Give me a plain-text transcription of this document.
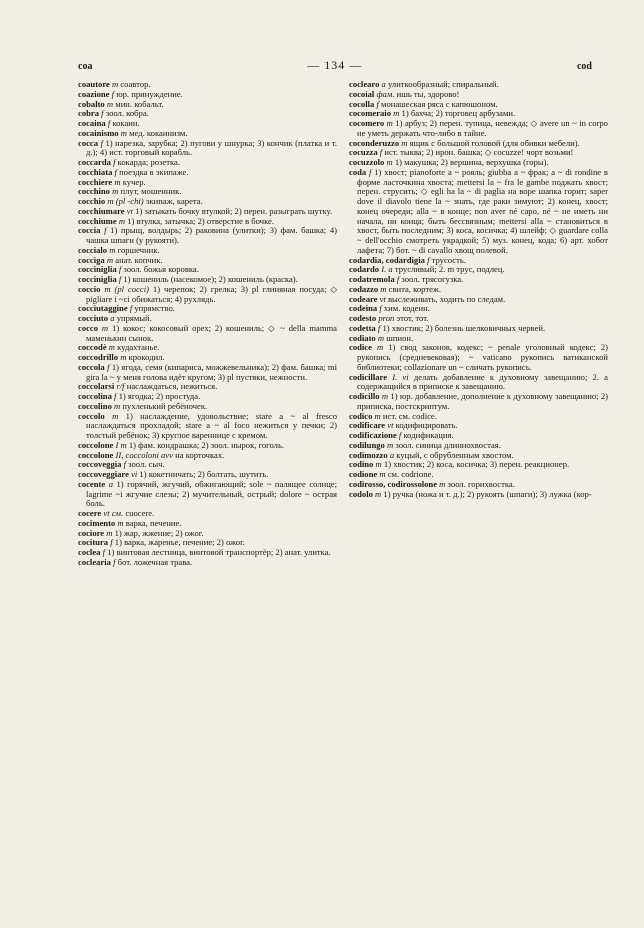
coa	— 134 —	cod

coautore m соавтор.

coazione f юр. принуждение.

cobalto m мин. кобальт.

cobra f зоол. кобра.

cocaina f кокаин.

cocainismo m мед. кокаинизм.

cocca f 1) нарезка, зарубка; 2) пугови у шнурка; 3) кончик (платка и т. д.); 4) ист. торговый корабль.

coccarda f кокарда; розетка.

cocchiata f поездка в экипаже.

cocchiere m кучер.

cocchino m плут, мошенник.

cocchio m (pl -chi) экипаж, карета.

cocchiumare vt 1) затыкать бочку втулкой; 2) перен. разыграть шутку.

cocchiume m 1) втулка, затычка; 2) отверстие в бочке.

coccia f 1) прыщ, волдырь; 2) раковина (улитки); 3) фам. башка; 4) чашка шпаги (у рукояти).

coccialo m горшечник.

cocciga m анат. копчик.

cocciniglia f зоол. божья коровка.

cocciniglia f 1) кошениль (насекомое); 2) кошениль (краска).

coccio m (pl cocci) 1) черепок; 2) грелка; 3) pl глиняная посуда; ◇ pigliare i ~ci обижаться; 4) рухлядь.

cocciutaggine f упрямство.

cocciuto a упрямый.

cocco m 1) кокос; кокосовый орех; 2) кошениль; ◇ ~ della mamma маменькин сынок.

coccodè m кудахтанье.

coccodrillo m крокодил.

coccola f 1) ягода, семя (кипариса, можжевельника); 2) фам. башка; mi gira la ~ у меня голова идёт кругом; 3) pl пустяки, нежности.

coccolarsi r/f наслаждаться, нежиться.

coccolina f 1) ягодка; 2) простуда.

coccolino m пухленький ребёночек.

coccolo m 1) наслаждение, удовольствие; stare a ~ al fresco наслаждаться прохладой; stare a ~ al foco нежиться у печки; 2) толстый ребёнок; 3) круглое вареннице с кремом.

coccolone I m 1) фам. кондрашка; 2) зоол. нырок, гоголь.

coccolone II, coccoloni avv на корточках.

coccoveggia f зоол. сыч.

coccoveggiare vi 1) кокетничать; 2) болтать, шутить.

cocente a 1) горячий, жгучий, обжигающий; sole ~ палящее солнце; lagrime ~i жгучие слезы; 2) мучительный, острый; dolore ~ острая боль.

cocere vt см. cuocere.

cocimento m варка, печение.

cociore m 1) жар, жжение; 2) ожог.

cocitura f 1) варка, жаренье, печение; 2) ожог.

coclea f 1) винтовая лестница, винтовой транспортёр; 2) анат. улитка.

coclearia f бот. ложечная трава.

coclearo a улиткообразный; спиральный.

cocoial фам. ишь ты, здорово!

cocolla f монашеская ряса с капюшоном.

cocomeraio m 1) бахча; 2) торговец арбузами.

cocomero m 1) арбуз; 2) перен. тупица, невежда; ◇ avere un ~ in corpo не уметь держать что-либо в тайне.

coconderuzzo m ящик с большой головой (для обивки мебели).

cocuzza f ист. тыква; 2) ирон. башка; ◇ cocuzze! чорт возьми!

cocuzzolo m 1) макушка; 2) вершина, верхушка (горы).

coda f 1) хвост; pianoforte a ~ рояль; giubba a ~ фрак; a ~ di rondine в форме ласточкина хвоста; mettersi la ~ fra le gambe поджать хвост; перен. струсить; ◇ egli ha la ~ di paglia на воре шапка горит; saper dove il diavolo tiene la ~ знать, где раки зимуют; 2) конец, хвост; конец очереди; alla ~ в конце; non aver né capo, né ~ не иметь ни начала, ни конца; быть бессвязным; mettersi alla ~ становиться в хвост, быть последним; 3) косa, косичка; 4) шлейф; ◇ guardare colla ~ dell'occhio смотреть украдкой; 5) муз. конец, кода; 6) арт. хобот лафета; 7) бот. ~ di cavallo хвощ полевой.

codardia, codardigia f трусость.

codardo I. a трусливый; 2. m трус, подлец.

codatremola f зоол. трясогузка.

codazzo m свита, кортеж.

codeare vt выслеживать, ходить по следам.

codeina f хим. кодеин.

codesto pron этот, тот.

codetta f 1) хвостик; 2) болезнь шелковичных червей.

codiato m шпион.

codice m 1) свод законов, кодекс; ~ penale уголовный кодекс; 2) рукопись (средневековая); ~ vaticano рукопись ватиканской библиотеки; collazionare un ~ сличать рукопись.

codicillare I. vi делать добавление к духовному завещанию; 2. a содержащийся в приписке к завещанию.

codicillo m 1) юр. добавление, дополнение к духовному завещанию; 2) приписка, постскриптум.

codico m ист. см. codice.

codificare vt кодифицировать.

codificazione f кодификация.

codilungo m зоол. синица длиннохвостая.

codimozzo a куцый, с обрубленным хвостом.

codino m 1) хвостик; 2) коса, косичка; 3) перен. реакционер.

codione m см. codrione.

codirosso, codirossolone m зоол. горихвостка.

codolo m 1) ручка (ножа и т. д.); 2) рукоять (шпаги); 3) лужка (кор-
